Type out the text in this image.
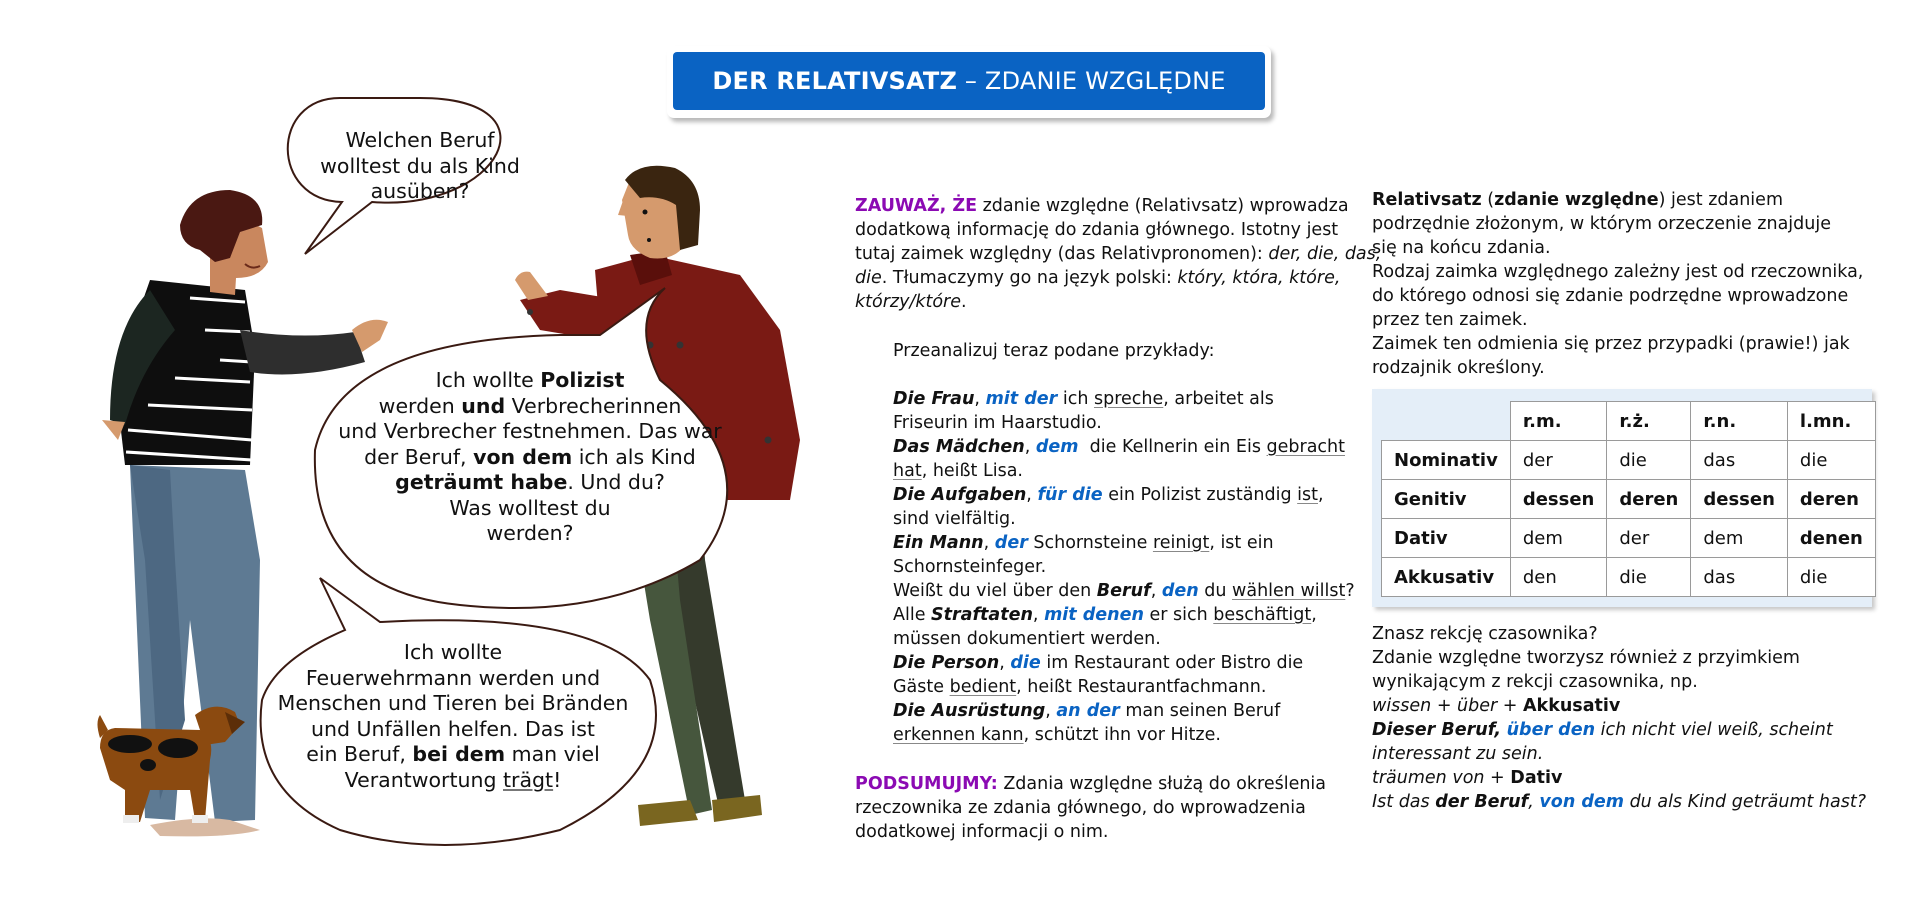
DER RELATIVSATZ – ZDANIE WZGLĘDNE
Welchen Beruf
wolltest du als Kind
ausüben?
Ich wollte Polizist
werden und Verbrecherinnen
und Verbrecher festnehmen. Das war
der Beruf, von dem ich als Kind
geträumt habe. Und du?
Was wolltest du
werden?
Ich wollte
Feuerwehrmann werden und
Menschen und Tieren bei Bränden
und Unfällen helfen. Das ist
ein Beruf, bei dem man viel
Verantwortung trägt!
ZAUWAŻ, ŻE zdanie względne (Relativsatz) wprowadza
dodatkową informację do zdania głównego. Istotny jest
tutaj zaimek względny (das Relativpronomen): der, die, das,
die. Tłumaczymy go na język polski: który, która, które,
którzy/które.
Przeanalizuj teraz podane przykłady:
Die Frau, mit der ich spreche, arbeitet als
Friseurin im Haarstudio.
Das Mädchen, dem  die Kellnerin ein Eis gebracht
hat, heißt Lisa.
Die Aufgaben, für die ein Polizist zuständig ist,
sind vielfältig.
Ein Mann, der Schornsteine reinigt, ist ein
Schornsteinfeger.
Weißt du viel über den Beruf, den du wählen willst?
Alle Straftaten, mit denen er sich beschäftigt,
müssen dokumentiert werden.
Die Person, die im Restaurant oder Bistro die
Gäste bedient, heißt Restaurantfachmann.
Die Ausrüstung, an der man seinen Beruf
erkennen kann, schützt ihn vor Hitze.
PODSUMUJMY: Zdania względne służą do określenia
rzeczownika ze zdania głównego, do wprowadzenia
dodatkowej informacji o nim.
Relativsatz (zdanie względne) jest zdaniem
podrzędnie złożonym, w którym orzeczenie znajduje
się na końcu zdania.
Rodzaj zaimka względnego zależny jest od rzeczownika,
do którego odnosi się zdanie podrzędne wprowadzone
przez ten zaimek.
Zaimek ten odmienia się przez przypadki (prawie!) jak
rodzajnik określony.
	r.m.	r.ż.	r.n.	l.mn.
Nominativ	der	die	das	die
Genitiv	dessen	deren	dessen	deren
Dativ	dem	der	dem	denen
Akkusativ	den	die	das	die
Znasz rekcję czasownika?
Zdanie względne tworzysz również z przyimkiem
wynikającym z rekcji czasownika, np.
wissen + über + Akkusativ
Dieser Beruf, über den ich nicht viel weiß, scheint
interessant zu sein.
träumen von + Dativ
Ist das der Beruf, von dem du als Kind geträumt hast?
